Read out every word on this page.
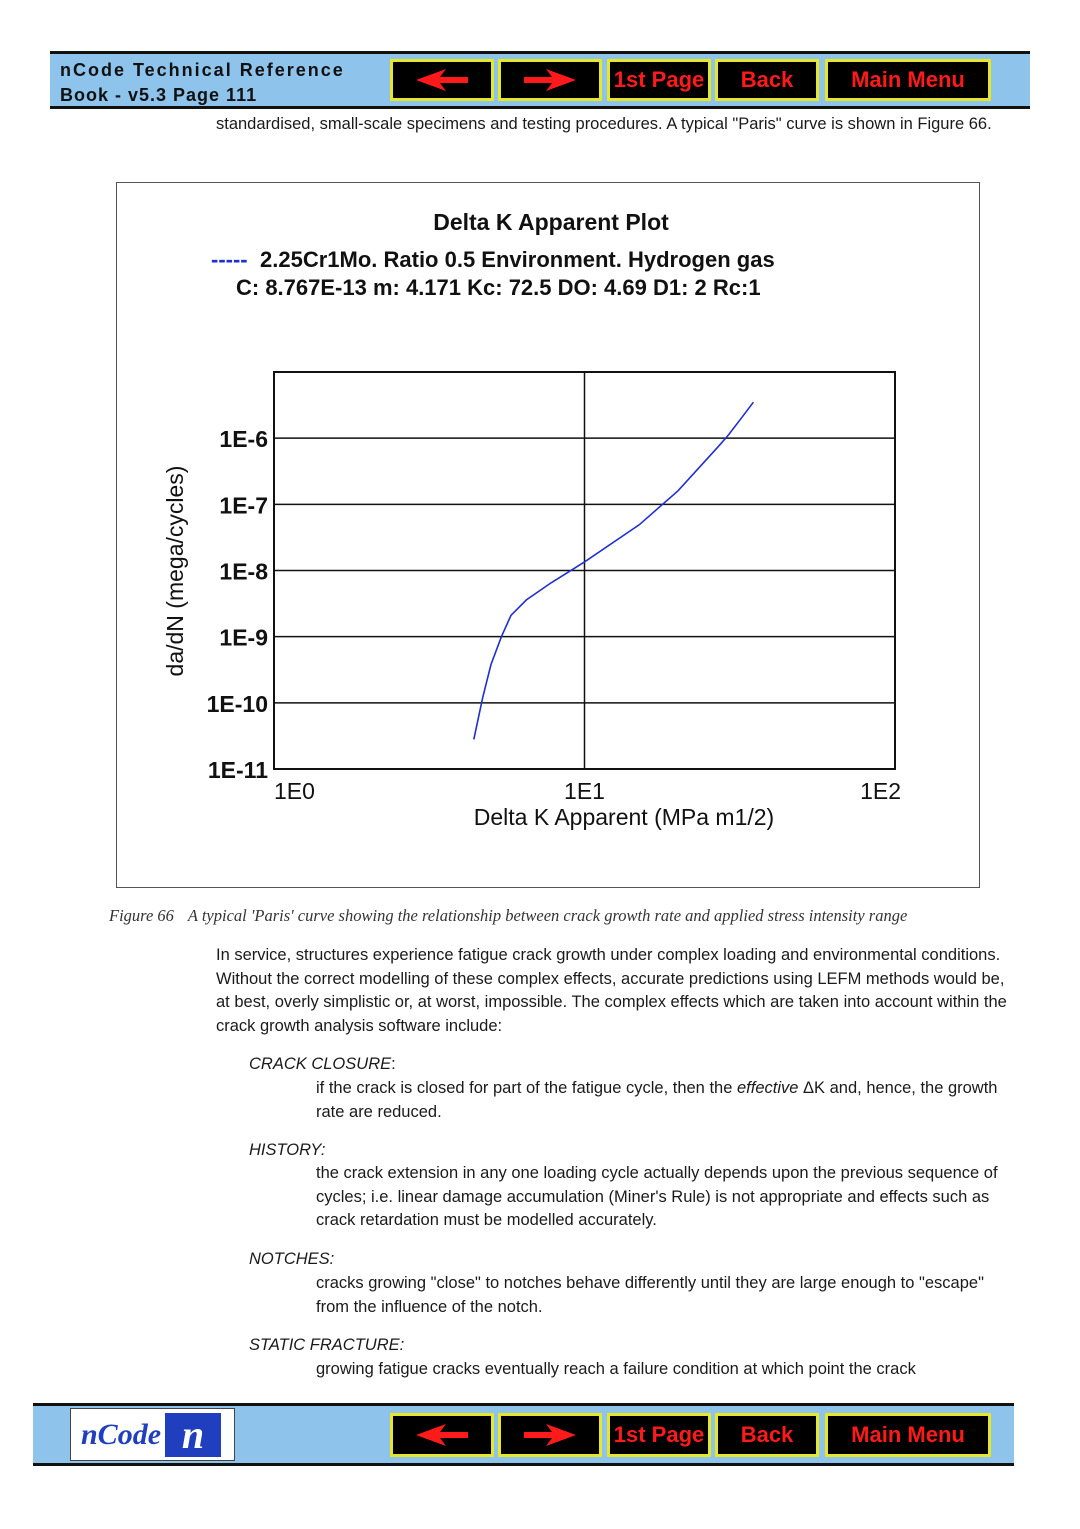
nCode Technical Reference
Book - v5.3 Page 111
1st Page Back	Main Menu

standardised, small-scale specimens and testing procedures. A typical "Paris" curve is shown in Figure 66.

Delta K Apparent Plot
----- 2.25Cr1Mo. Ratio 0.5 Environment. Hydrogen gas
C: 8.767E-13 m: 4.171 Kc: 72.5 DO: 4.69 D1: 2 Rc:1
1E-11
1E-10
1E-9
1E-8
1E-7
1E-6
1E0	1E1	1E2
Delta K Apparent (MPa m1/2)
da/dN (mega/cycles)
Figure 66 A typical 'Paris' curve showing the relationship between crack growth rate and applied stress intensity range

In service, structures experience fatigue crack growth under complex loading and environmental conditions. Without the correct modelling of these complex effects, accurate predictions using LEFM methods would be, at best, overly simplistic or, at worst, impossible. The complex effects which are taken into account within the crack growth analysis software include:

CRACK CLOSURE:
if the crack is closed for part of the fatigue cycle, then the effective ΔK and, hence, the growth rate are reduced.
HISTORY:
the crack extension in any one loading cycle actually depends upon the previous sequence of cycles; i.e. linear damage accumulation (Miner's Rule) is not appropriate and effects such as crack retardation must be modelled accurately.
NOTCHES:
cracks growing "close" to notches behave differently until they are large enough to "escape" from the influence of the notch.
STATIC FRACTURE:
growing fatigue cracks eventually reach a failure condition at which point the crack
nCode n	1st Page Back	Main Menu
